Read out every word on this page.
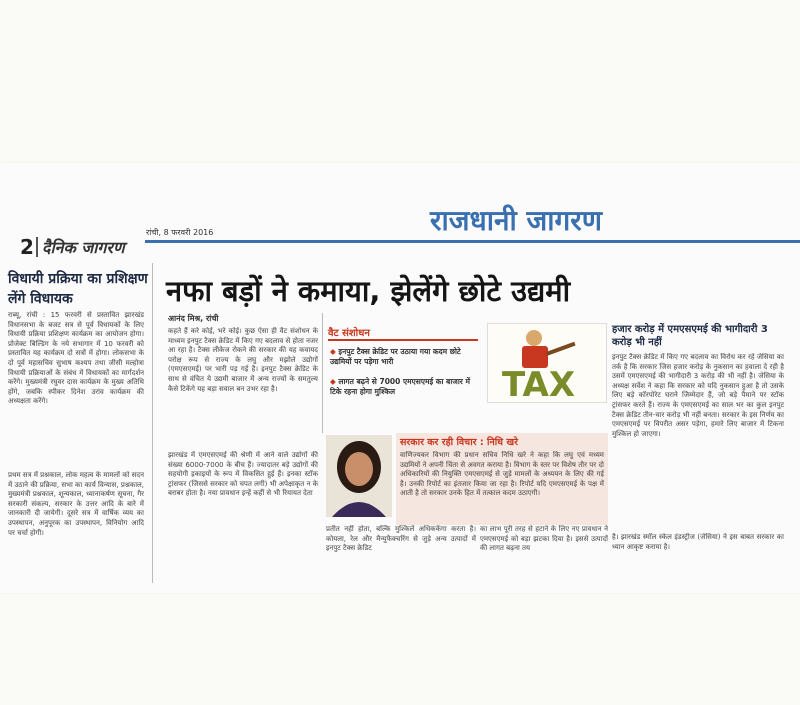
2 दैनिक जागरण
रांची, 8 फरवरी 2016	राजधानी जागरण
विधायी प्रक्रिया का प्रशिक्षण लेंगे विधायक
राब्यू, रांची : 15 फरवरी से प्रस्तावित झारखंड विधानसभा के बजट सत्र से पूर्व विधायकों के लिए विधायी प्रक्रिया प्रशिक्षण कार्यक्रम का आयोजन होगा। प्रोजेक्ट बिल्डिंग के नये सभागार में 10 फरवरी को प्रस्तावित यह कार्यक्रम दो सत्रों में होगा। लोकसभा के दो पूर्व महासचिव सुभाष कश्यप तथा जीसी मल्होत्रा विधायी प्रक्रियाओं के संबंध में विधायकों का मार्गदर्शन करेंगे। मुख्यमंत्री रघुवर दास कार्यक्रम के मुख्य अतिथि होंगे, जबकि स्पीकर दिनेश उरांव कार्यक्रम की अध्यक्षता करेंगे।
प्रथम सत्र में प्रश्नकाल, लोक महत्व के मामलों को सदन में उठाने की प्रक्रिया, सभा का कार्य विन्यास, प्रश्नकाल, मुख्यमंत्री प्रश्नकाल, शून्यकाल, ध्यानाकर्षण सूचना, गैर सरकारी संकल्प, सरकार के उत्तर आदि के बारे में जानकारी दी जायेगी। दूसरे सत्र में वार्षिक व्यय का उपस्थापन, अनुपूरक का उपस्थापन, विनियोग आदि पर चर्चा होगी।
नफा बड़ों ने कमाया, झेलेंगे छोटे उद्यमी
आनंद मिश्र, रांची
कहते हैं करे कोई, भरे कोई। कुछ ऐसा ही वैट संशोधन के माध्यम इनपुट टैक्स क्रेडिट में किए गए बदलाव से होता नजर आ रहा है। टैक्स लीकेज रोकने की सरकार की यह कवायद परोक्ष रूप से राज्य के लघु और मझोले उद्योगों (एमएसएमई) पर भारी पड़ गई है। इनपुट टैक्स क्रेडिट के साथ से वंचित ये उद्यमी बाजार में अन्य राज्यों के समतुल्य कैसे टिकेंगे यह बड़ा सवाल बन उभर रहा है।
झारखंड में एमएसएमई की श्रेणी में आने वाले उद्योगों की संख्या 6000-7000 के बीच हैं। ज्यादातर बड़े उद्योगों की सहयोगी इकाइयों के रूप में विकसित हुई हैं। इनका स्टॉक ट्रांसफर (जिससे सरकार को चपत लगी) भी अपेक्षाकृत न के बराबर होता है। नया प्रावधान इन्हें कहीं से भी रियायत देता
वैट संशोधन
◆ इनपुट टैक्स क्रेडिट पर उठाया गया कदम छोटे उद्यमियों पर पड़ेगा भारी
◆ लागत बढ़ने से 7000 एमएसएमई का बाजार में टिके रहना होगा मुश्किल	TAX
हजार करोड़ में एमएसएमई की भागीदारी 3 करोड़ भी नहीं
इनपुट टैक्स क्रेडिट में किए गए बदलाव का विरोध कर रहे जेसिया का तर्क है कि सरकार जिस हजार करोड़ के नुकसान का हवाला दे रही है उसमें एमएसएमई की भागीदारी 3 करोड़ की भी नहीं है। जेसिया के अध्यक्ष सर्वेश ने कहा कि सरकार को यदि नुकसान हुआ है तो उसके लिए बड़े कॉरपोरेट घराने जिम्मेदार हैं, जो बड़े पैमाने पर स्टॉक ट्रांसफर करते हैं। राज्य के एमएसएमई का साल भर का कुल इनपुट टैक्स क्रेडिट तीन-चार करोड़ भी नहीं बनता। सरकार के इस निर्णय का एमएसएमई पर विपरीत असर पड़ेगा, हमारे लिए बाजार में टिकना मुश्किल हो जाएगा।
है। झारखंड स्मॉल स्केल इंडस्ट्रीज (जेसिया) ने इस बाबत सरकार का ध्यान आकृष्ट कराया है।
सरकार कर रही विचार : निधि खरे
वाणिज्यकर विभाग की प्रधान सचिव निधि खरे ने कहा कि लघु एवं मध्यम उद्यमियों ने अपनी चिंता से अवगत कराया है। विभाग के स्तर पर विशेष तौर पर दो अधिकारियों की नियुक्ति एमएसएमई से जुड़े मामलों के अध्ययन के लिए की गई है। उनकी रिपोर्ट का इंतजार किया जा रहा है। रिपोर्ट यदि एमएसएमई के पक्ष में आती है तो सरकार उनके हित में तत्काल कदम उठाएगी।
प्रतीत नहीं होता, बल्कि मुश्किलें अधिककेंगा करता है। कोयला, रेल और मैन्युफैक्चरिंग से जुड़े अन्य उत्पादों में इनपुट टैक्स क्रेडिट
का लाभ पूरी तरह से हटाने के लिए नए प्रावधान ने एमएसएमई को बड़ा झटका दिया है। इससे उत्पादों की लागत बढ़ना तय
